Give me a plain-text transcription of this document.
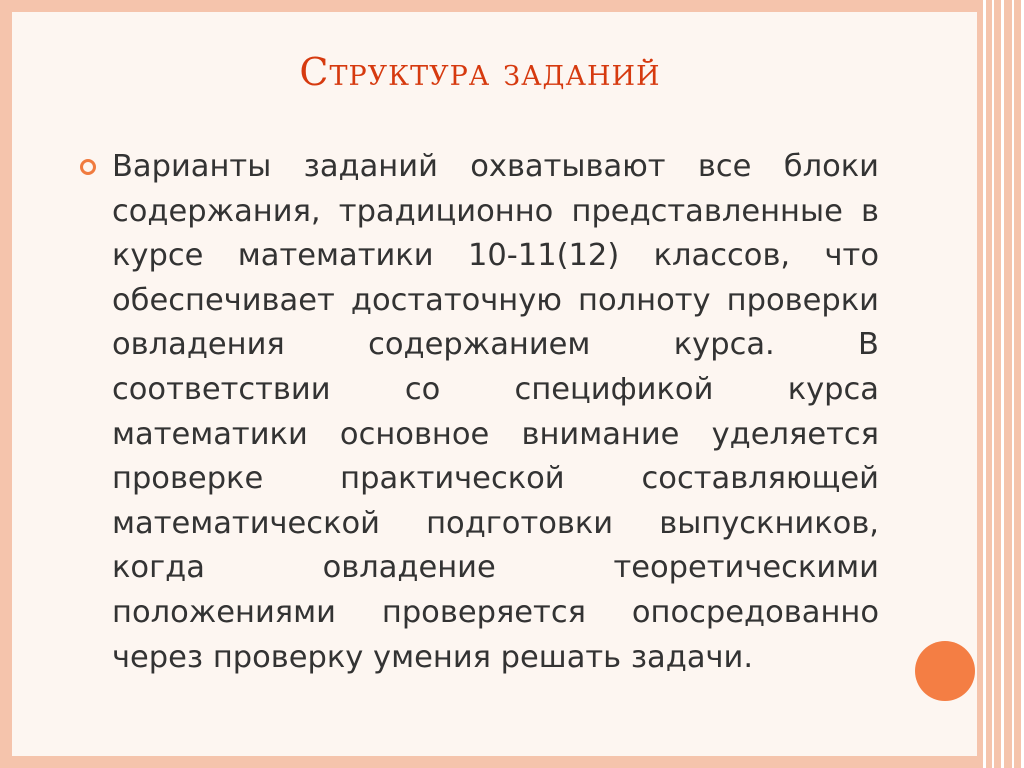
Структура заданий
Варианты заданий охватывают все блоки содержания, традиционно представленные в курсе математики 10-11(12) классов, что обеспечивает достаточную полноту проверки овладения содержанием курса. В соответствии со спецификой курса математики основное внимание уделяется проверке практической составляющей математической подготовки выпускников, когда овладение теоретическими положениями проверяется опосредованно через проверку умения решать задачи.
